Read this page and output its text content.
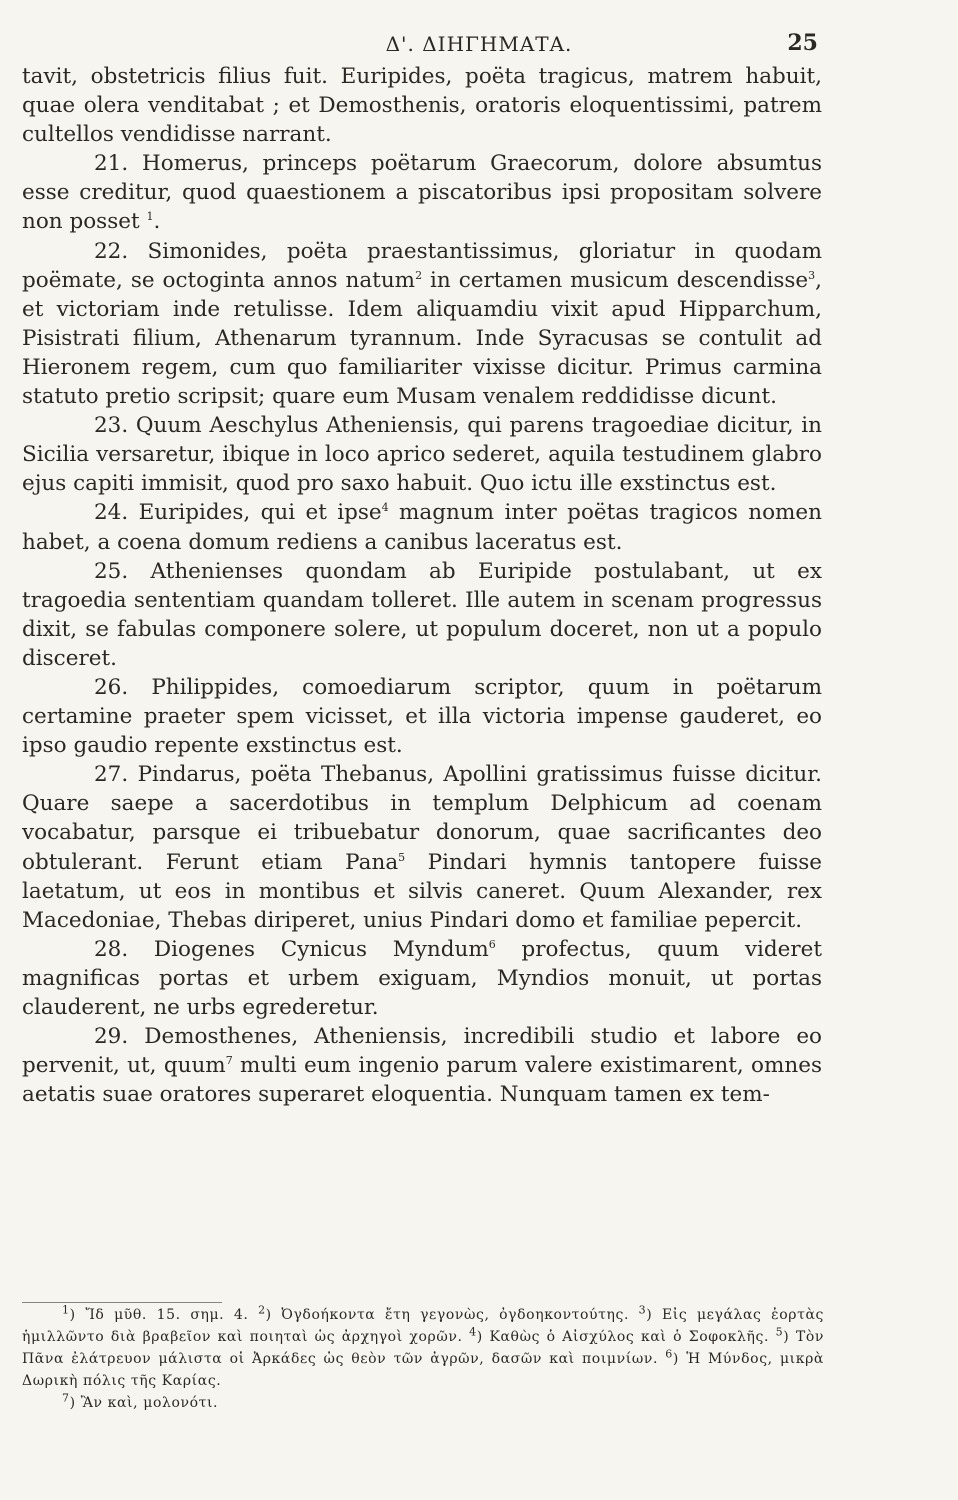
Δ'. ΔΙΗΓΗΜΑΤΑ.	25

tavit, obstetricis filius fuit. Euripides, poëta tragicus, matrem habuit, quae olera venditabat ; et Demosthenis, oratoris eloquentissimi, patrem cultellos vendidisse narrant.

21. Homerus, princeps poëtarum Graecorum, dolore absumtus esse creditur, quod quaestionem a piscatoribus ipsi propositam solvere non posset $^1$.

22. Simonides, poëta praestantissimus, gloriatur in quodam poëmate, se octoginta annos natum$^2$ in certamen musicum descendisse$^3$, et victoriam inde retulisse. Idem aliquamdiu vixit apud Hipparchum, Pisistrati filium, Athenarum tyrannum. Inde Syracusas se contulit ad Hieronem regem, cum quo familiariter vixisse dicitur. Primus carmina statuto pretio scripsit; quare eum Musam venalem reddidisse dicunt.

23. Quum Aeschylus Atheniensis, qui parens tragoediae dicitur, in Sicilia versaretur, ibique in loco aprico sederet, aquila testudinem glabro ejus capiti immisit, quod pro saxo habuit. Quo ictu ille exstinctus est.

24. Euripides, qui et ipse$^4$ magnum inter poëtas tragicos nomen habet, a coena domum rediens a canibus laceratus est.

25. Athenienses quondam ab Euripide postulabant, ut ex tragoedia sententiam quandam tolleret. Ille autem in scenam progressus dixit, se fabulas componere solere, ut populum doceret, non ut a populo disceret.

26. Philippides, comoediarum scriptor, quum in poëtarum certamine praeter spem vicisset, et illa victoria impense gauderet, eo ipso gaudio repente exstinctus est.

27. Pindarus, poëta Thebanus, Apollini gratissimus fuisse dicitur. Quare saepe a sacerdotibus in templum Delphicum ad coenam vocabatur, parsque ei tribuebatur donorum, quae sacrificantes deo obtulerant. Ferunt etiam Pana$^5$ Pindari hymnis tantopere fuisse laetatum, ut eos in montibus et silvis caneret. Quum Alexander, rex Macedoniae, Thebas diriperet, unius Pindari domo et familiae pepercit.

28. Diogenes Cynicus Myndum$^6$ profectus, quum videret magnificas portas et urbem exiguam, Myndios monuit, ut portas clauderent, ne urbs egrederetur.

29. Demosthenes, Atheniensis, incredibili studio et labore eo pervenit, ut, quum$^7$ multi eum ingenio parum valere existimarent, omnes aetatis suae oratores superaret eloquentia. Nunquam tamen ex tem-

$^1$) Ἴδ μῦθ. 15. σημ. 4. $^2$) Ὀγδοήκοντα ἔτη γεγονὼς, ὀγδοηκοντούτης. $^3$) Εἰς μεγάλας ἑορτὰς ἡμιλλῶντο διὰ βραβεῖον καὶ ποιηταὶ ὡς ἀρχηγοὶ χορῶν. $^4$) Καθὼς ὁ Αἰσχύλος καὶ ὁ Σοφοκλῆς. $^5$) Τὸν Πᾶνα ἐλάτρευον μάλιστα οἱ Ἀρκάδες ὡς θεὸν τῶν ἀγρῶν, δασῶν καὶ ποιμνίων. $^6$) Ἡ Μύνδος, μικρὰ Δωρικὴ πόλις τῆς Καρίας.

$^7$) Ἂν καὶ, μολονότι.
